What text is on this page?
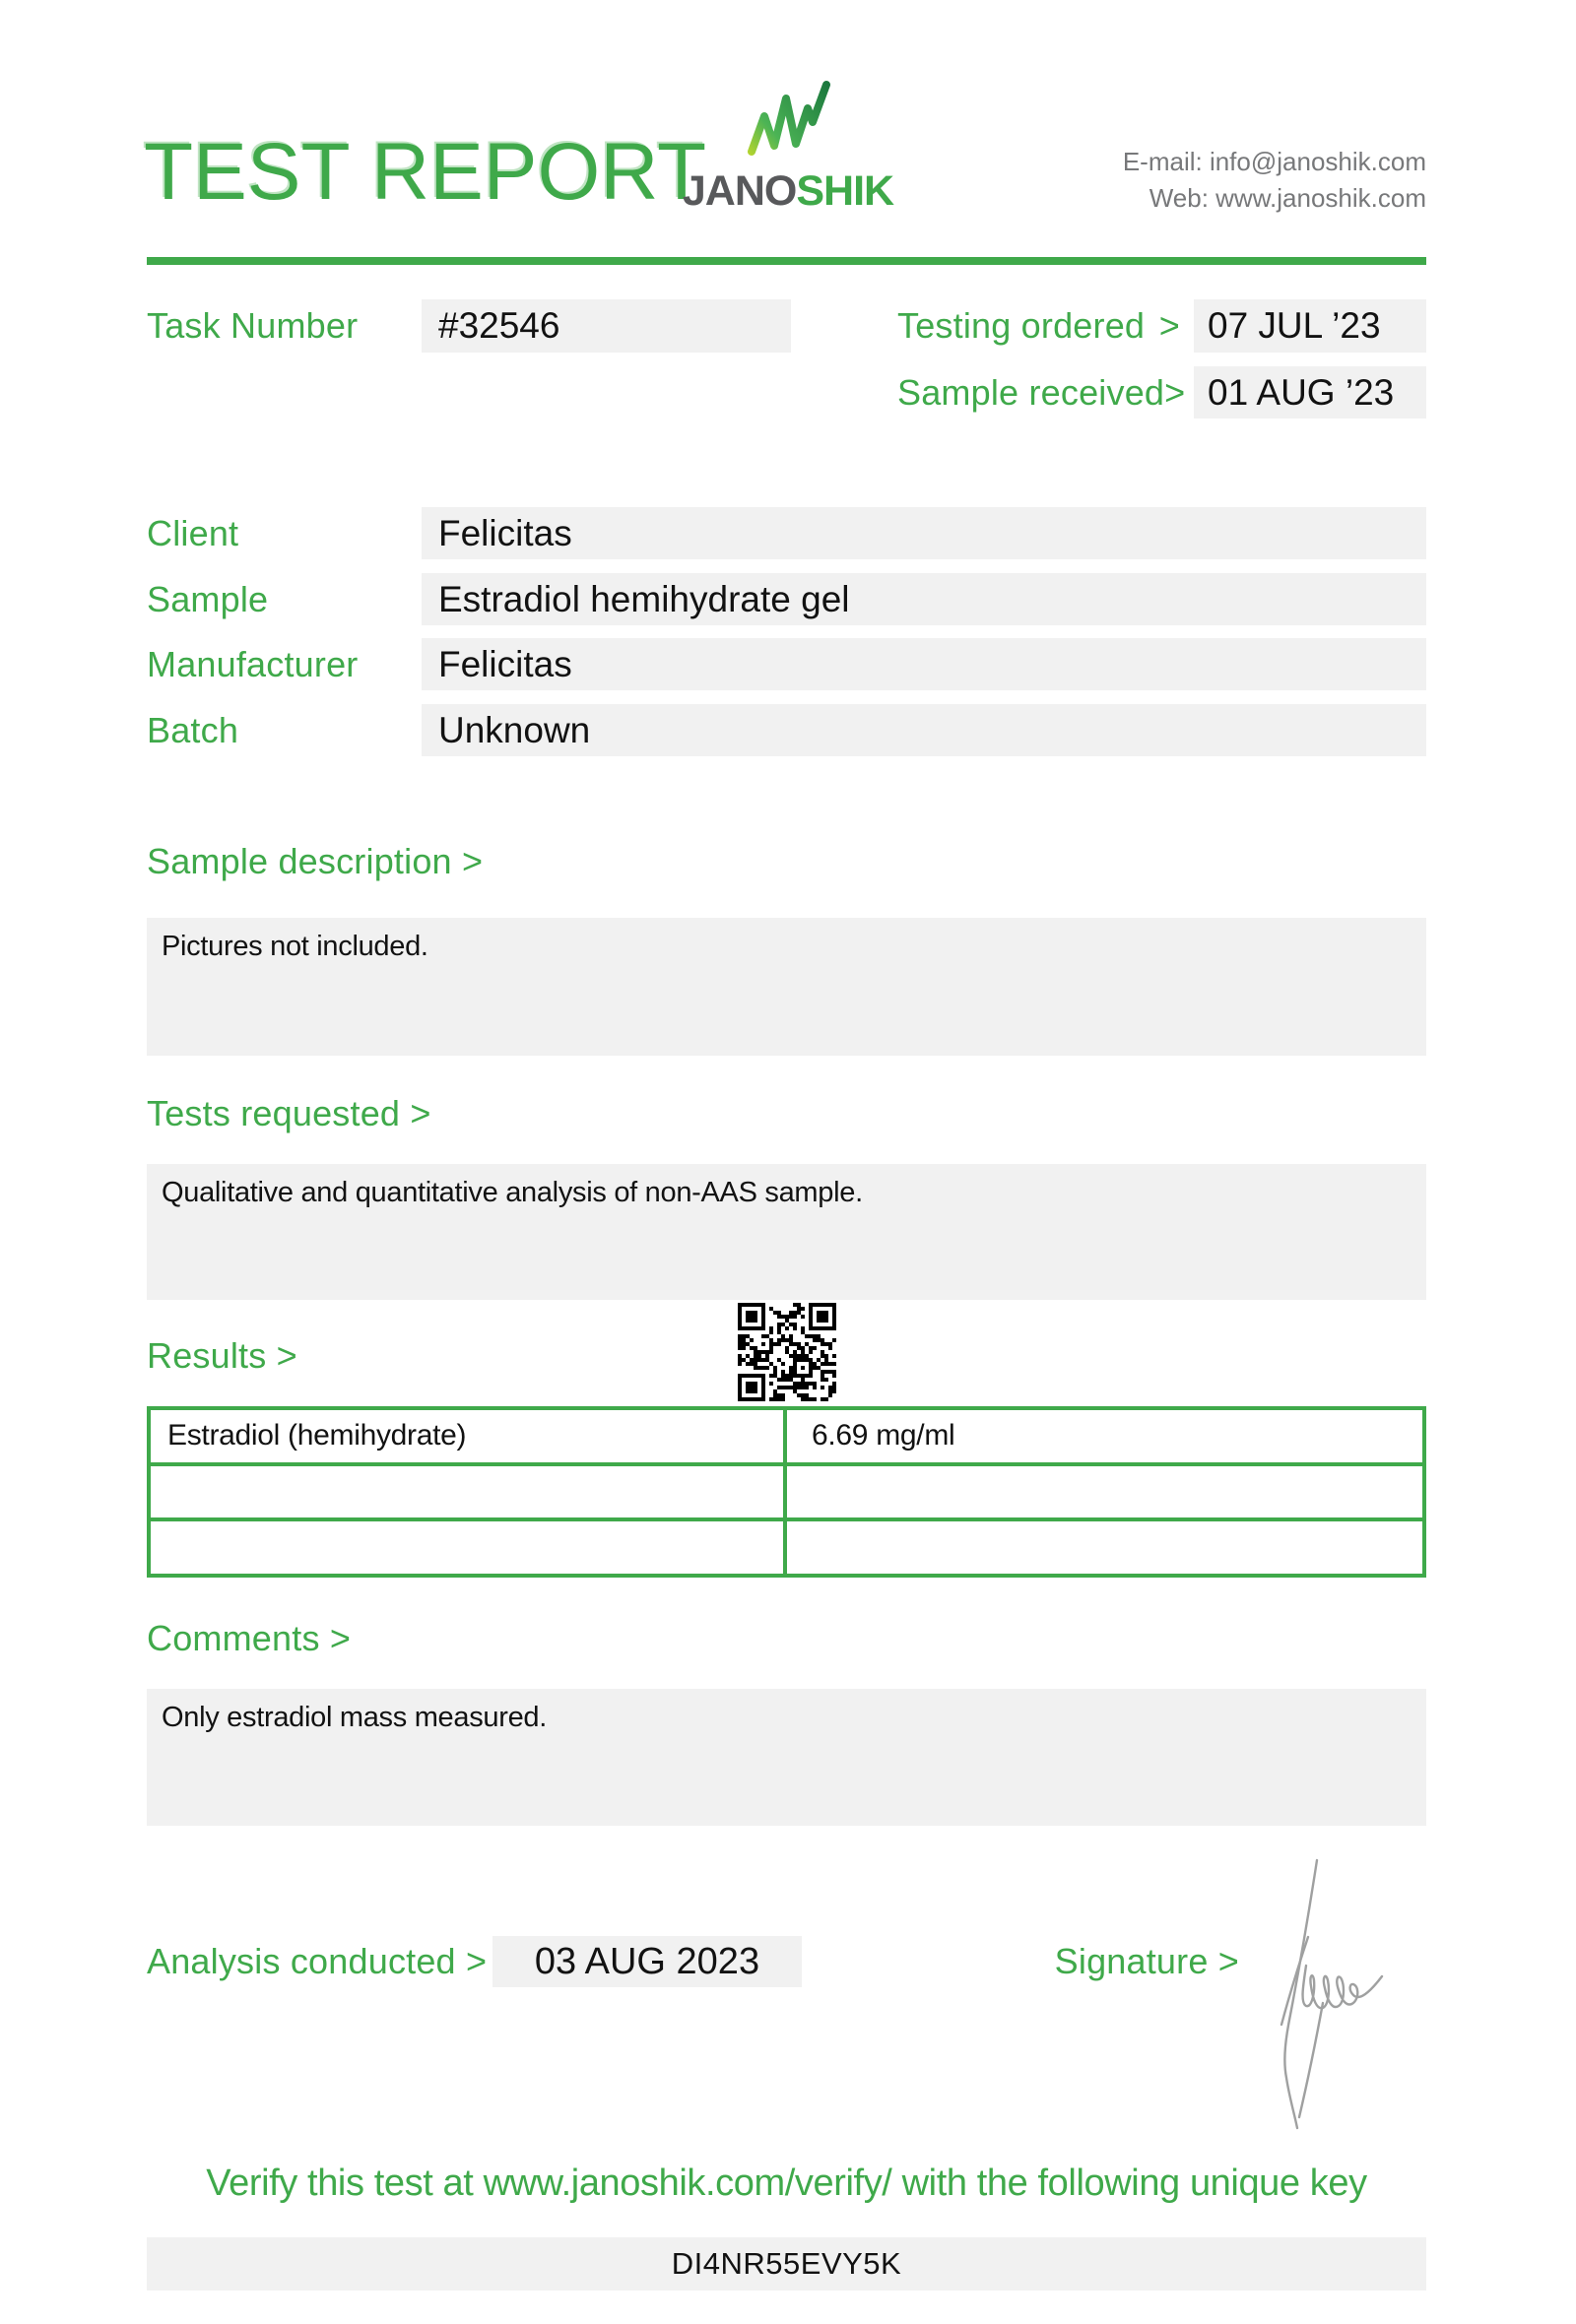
TEST REPORT
JANOSHIK
E-mail: info@janoshik.com
Web: www.janoshik.com
Task Number	#32546	Testing ordered > 07 JUL ’23
Sample received > 01 AUG ’23
Client	Felicitas
Sample	Estradiol hemihydrate gel
Manufacturer	Felicitas
Batch	Unknown
Sample description >
Pictures not included.
Tests requested >
Qualitative and quantitative analysis of non-AAS sample.
Results >
Estradiol (hemihydrate)	6.69 mg/ml

Comments >
Only estradiol mass measured.
Analysis conducted >	03 AUG 2023	Signature >
Verify this test at www.janoshik.com/verify/ with the following unique key
DI4NR55EVY5K
